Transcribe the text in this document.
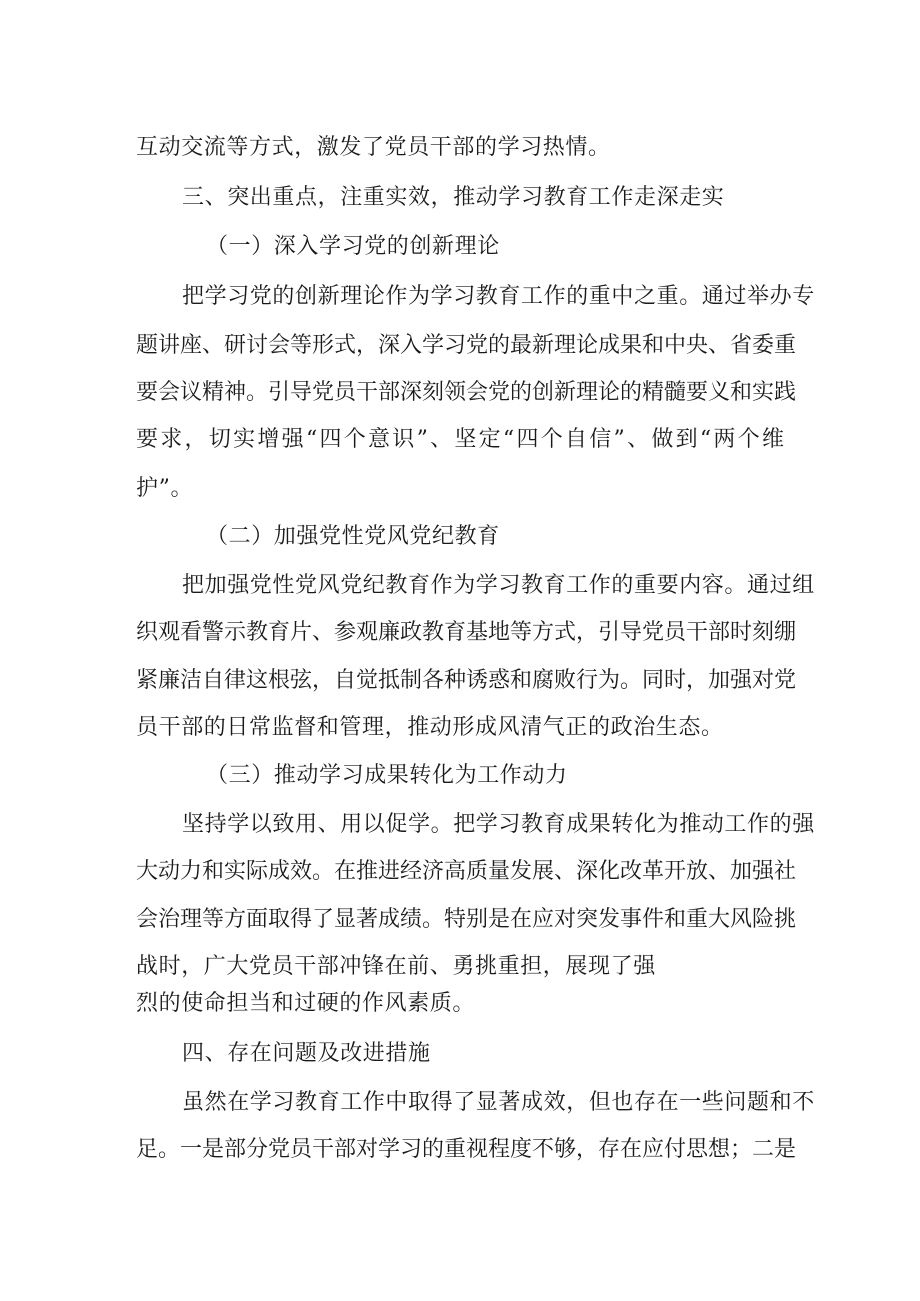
互动交流等方式，激发了党员干部的学习热情。
三、突出重点，注重实效，推动学习教育工作走深走实
（一）深入学习党的创新理论
把学习党的创新理论作为学习教育工作的重中之重。通过举办专
题讲座、研讨会等形式，深入学习党的最新理论成果和中央、省委重
要会议精神。引导党员干部深刻领会党的创新理论的精髓要义和实践
要求，切实增强“四个意识”、坚定“四个自信”、做到“两个维
护”。
（二）加强党性党风党纪教育
把加强党性党风党纪教育作为学习教育工作的重要内容。通过组
织观看警示教育片、参观廉政教育基地等方式，引导党员干部时刻绷
紧廉洁自律这根弦，自觉抵制各种诱惑和腐败行为。同时，加强对党
员干部的日常监督和管理，推动形成风清气正的政治生态。
（三）推动学习成果转化为工作动力
坚持学以致用、用以促学。把学习教育成果转化为推动工作的强
大动力和实际成效。在推进经济高质量发展、深化改革开放、加强社
会治理等方面取得了显著成绩。特别是在应对突发事件和重大风险挑
战时，广大党员干部冲锋在前、勇挑重担，展现了强
烈的使命担当和过硬的作风素质。
四、存在问题及改进措施
虽然在学习教育工作中取得了显著成效，但也存在一些问题和不
足。一是部分党员干部对学习的重视程度不够，存在应付思想；二是
